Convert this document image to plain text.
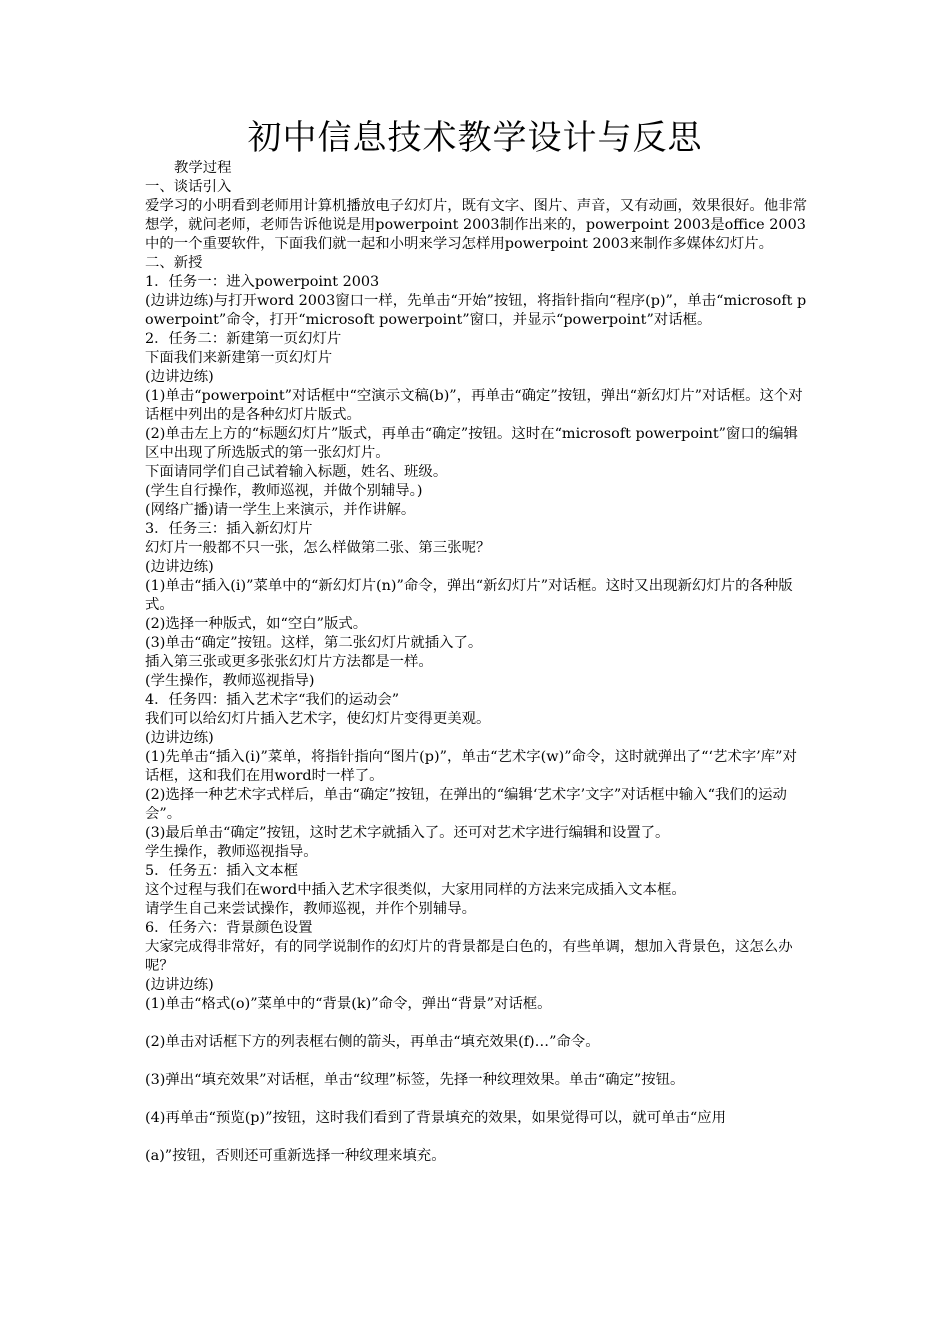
初中信息技术教学设计与反思

教学过程

一、谈话引入

爱学习的小明看到老师用计算机播放电子幻灯片，既有文字、图片、声音，又有动画，效果很好。他非常想学，就问老师，老师告诉他说是用powerpoint 2003制作出来的，powerpoint 2003是office 2003中的一个重要软件，下面我们就一起和小明来学习怎样用powerpoint 2003来制作多媒体幻灯片。

二、新授

1．任务一：进入powerpoint 2003

(边讲边练)与打开word 2003窗口一样，先单击“开始”按钮，将指针指向“程序(p)”，单击“microsoft powerpoint”命令，打开“microsoft powerpoint”窗口，并显示“powerpoint”对话框。

2．任务二：新建第一页幻灯片

下面我们来新建第一页幻灯片

(边讲边练)

(1)单击“powerpoint”对话框中“空演示文稿(b)”，再单击“确定”按钮，弹出“新幻灯片”对话框。这个对话框中列出的是各种幻灯片版式。

(2)单击左上方的“标题幻灯片”版式，再单击“确定”按钮。这时在“microsoft powerpoint”窗口的编辑区中出现了所选版式的第一张幻灯片。

下面请同学们自己试着输入标题，姓名、班级。

(学生自行操作，教师巡视，并做个别辅导。)

(网络广播)请一学生上来演示，并作讲解。

3．任务三：插入新幻灯片

幻灯片一般都不只一张，怎么样做第二张、第三张呢？

(边讲边练)

(1)单击“插入(i)”菜单中的“新幻灯片(n)”命令，弹出“新幻灯片”对话框。这时又出现新幻灯片的各种版式。

(2)选择一种版式，如“空白”版式。

(3)单击“确定”按钮。这样，第二张幻灯片就插入了。

插入第三张或更多张张幻灯片方法都是一样。

(学生操作，教师巡视指导)

4．任务四：插入艺术字“我们的运动会”

我们可以给幻灯片插入艺术字，使幻灯片变得更美观。

(边讲边练)

(1)先单击“插入(i)”菜单，将指针指向“图片(p)”，单击“艺术字(w)”命令，这时就弹出了“‘艺术字’库”对话框，这和我们在用word时一样了。

(2)选择一种艺术字式样后，单击“确定”按钮，在弹出的“编辑‘艺术字’文字”对话框中输入“我们的运动会”。

(3)最后单击“确定”按钮，这时艺术字就插入了。还可对艺术字进行编辑和设置了。

学生操作，教师巡视指导。

5．任务五：插入文本框

这个过程与我们在word中插入艺术字很类似，大家用同样的方法来完成插入文本框。

请学生自己来尝试操作，教师巡视，并作个别辅导。

6．任务六：背景颜色设置

大家完成得非常好，有的同学说制作的幻灯片的背景都是白色的，有些单调，想加入背景色，这怎么办呢？

(边讲边练)

(1)单击“格式(o)”菜单中的“背景(k)”命令，弹出“背景”对话框。

(2)单击对话框下方的列表框右侧的箭头，再单击“填充效果(f)…”命令。

(3)弹出“填充效果”对话框，单击“纹理”标签，先择一种纹理效果。单击“确定”按钮。

(4)再单击“预览(p)”按钮，这时我们看到了背景填充的效果，如果觉得可以，就可单击“应用

(a)”按钮，否则还可重新选择一种纹理来填充。
